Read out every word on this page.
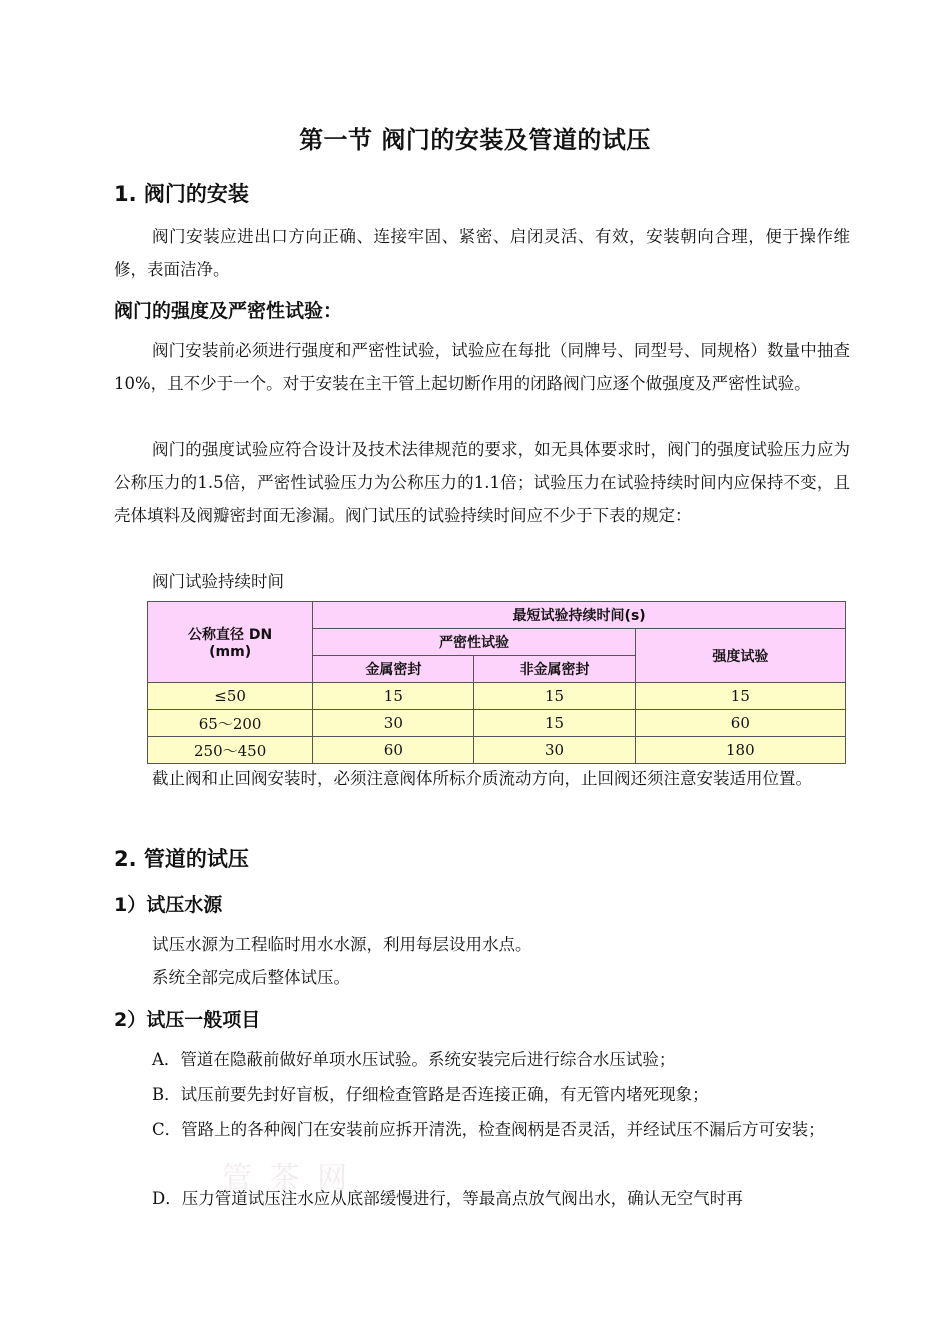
第一节 阀门的安装及管道的试压
1. 阀门的安装
阀门安装应进出口方向正确、连接牢固、紧密、启闭灵活、有效，安装朝向合理，便于操作维修，表面洁净。
阀门的强度及严密性试验：
阀门安装前必须进行强度和严密性试验，试验应在每批（同牌号、同型号、同规格）数量中抽查10%，且不少于一个。对于安装在主干管上起切断作用的闭路阀门应逐个做强度及严密性试验。
阀门的强度试验应符合设计及技术法律规范的要求，如无具体要求时，阀门的强度试验压力应为公称压力的1.5倍，严密性试验压力为公称压力的1.1倍；试验压力在试验持续时间内应保持不变，且壳体填料及阀瓣密封面无渗漏。阀门试压的试验持续时间应不少于下表的规定：
阀门试验持续时间
公称直径 DN
(mm)	最短试验持续时间(s)		
	严密性试验		强度试验
	金属密封	非金属密封	
≤50	15	15	15
65～200	30	15	60
250～450	60	30	180
截止阀和止回阀安装时，必须注意阀体所标介质流动方向，止回阀还须注意安装适用位置。
2. 管道的试压
1）试压水源
试压水源为工程临时用水水源，利用每层设用水点。
系统全部完成后整体试压。
2）试压一般项目
A．管道在隐蔽前做好单项水压试验。系统安装完后进行综合水压试验；
B．试压前要先封好盲板，仔细检查管路是否连接正确，有无管内堵死现象；
C．管路上的各种阀门在安装前应拆开清洗，检查阀柄是否灵活，并经试压不漏后方可安装；
管 茶 网
D．压力管道试压注水应从底部缓慢进行，等最高点放气阀出水，确认无空气时再
